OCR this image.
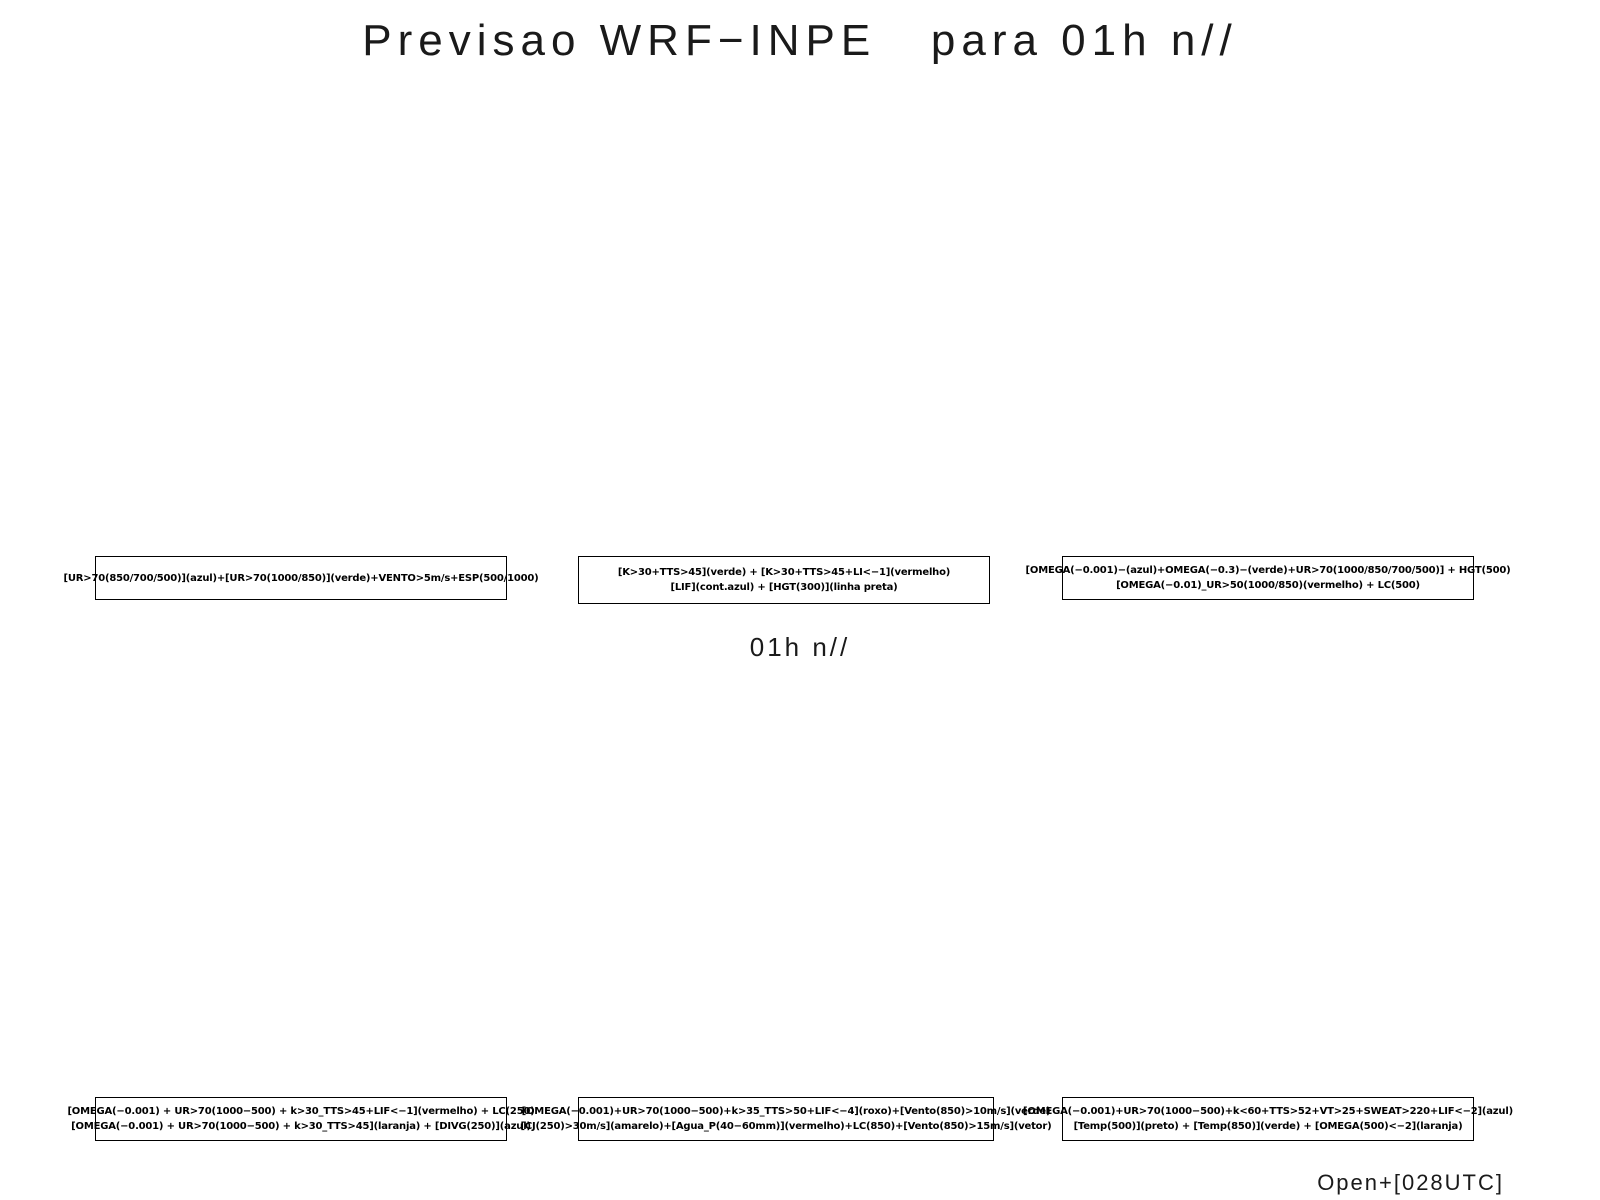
Previsao WRF−INPE   para 01h n//
[UR>70(850/700/500)](azul)+[UR>70(1000/850)](verde)+VENTO>5m/s+ESP(500/1000)	[K>30+TTS>45](verde) + [K>30+TTS>45+LI<−1](vermelho)
[LIF](cont.azul) + [HGT(300)](linha preta)
[OMEGA(−0.001)−(azul)+OMEGA(−0.3)−(verde)+UR>70(1000/850/700/500)] + HGT(500)
[OMEGA(−0.01)_UR>50(1000/850)(vermelho) + LC(500)
01h n//
[OMEGA(−0.001) + UR>70(1000−500) + k>30_TTS>45+LIF<−1](vermelho) + LC(250)
[OMEGA(−0.001) + UR>70(1000−500) + k>30_TTS>45](laranja) + [DIVG(250)](azul)
[OMEGA(−0.001)+UR>70(1000−500)+k>35_TTS>50+LIF<−4](roxo)+[Vento(850)>10m/s](verde)
[CJ(250)>30m/s](amarelo)+[Agua_P(40−60mm)](vermelho)+LC(850)+[Vento(850)>15m/s](vetor)
[OMEGA(−0.001)+UR>70(1000−500)+k<60+TTS>52+VT>25+SWEAT>220+LIF<−2](azul)
[Temp(500)](preto) + [Temp(850)](verde) + [OMEGA(500)<−2](laranja)
Open+[028UTC]
